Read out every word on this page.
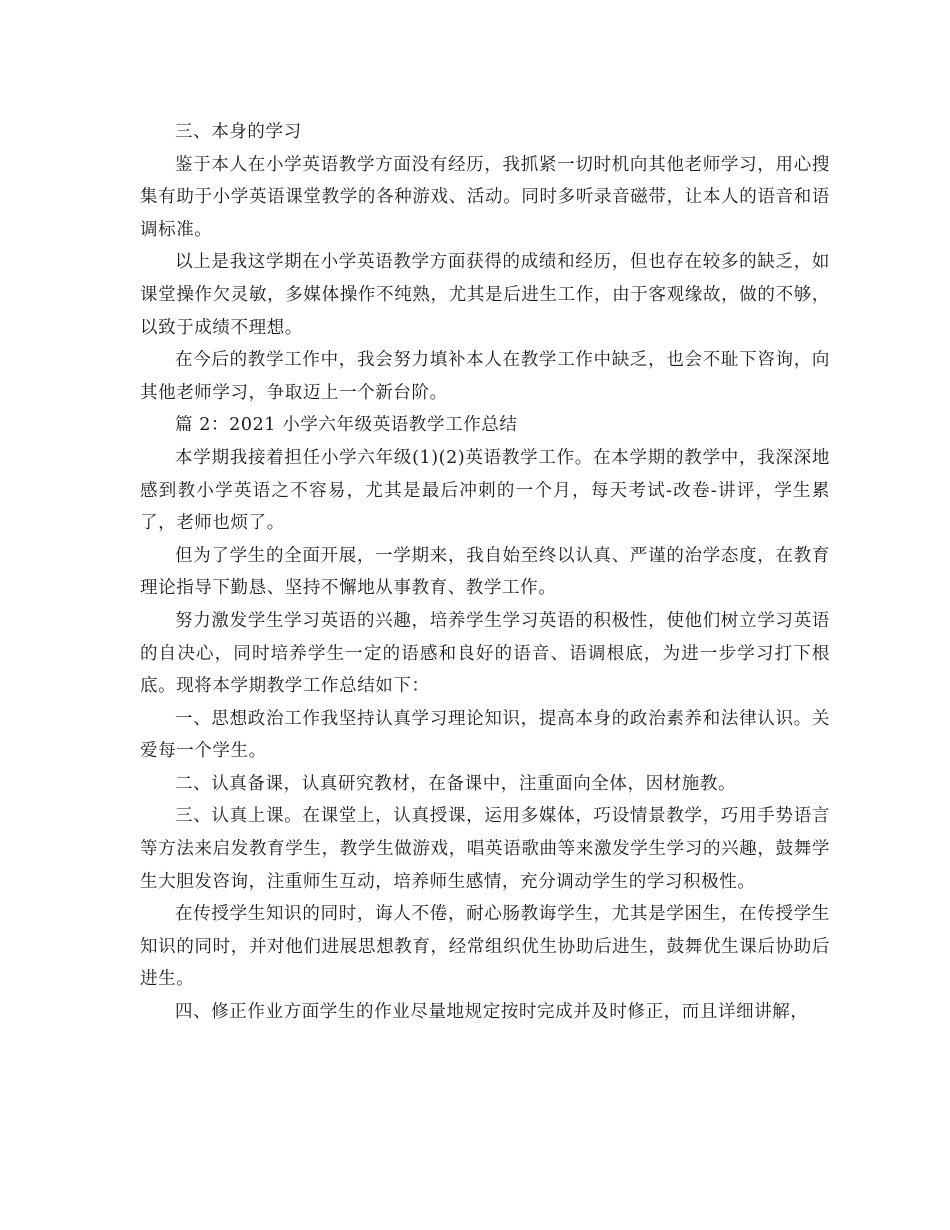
三、本身的学习

鉴于本人在小学英语教学方面没有经历，我抓紧一切时机向其他老师学习，用心搜集有助于小学英语课堂教学的各种游戏、活动。同时多听录音磁带，让本人的语音和语调标准。

以上是我这学期在小学英语教学方面获得的成绩和经历，但也存在较多的缺乏，如课堂操作欠灵敏，多媒体操作不纯熟，尤其是后进生工作，由于客观缘故，做的不够，以致于成绩不理想。

在今后的教学工作中，我会努力填补本人在教学工作中缺乏，也会不耻下咨询，向其他老师学习，争取迈上一个新台阶。

篇 2：2021 小学六年级英语教学工作总结

本学期我接着担任小学六年级(1)(2)英语教学工作。在本学期的教学中，我深深地感到教小学英语之不容易，尤其是最后冲刺的一个月，每天考试-改卷-讲评，学生累了，老师也烦了。

但为了学生的全面开展，一学期来，我自始至终以认真、严谨的治学态度，在教育理论指导下勤恳、坚持不懈地从事教育、教学工作。

努力激发学生学习英语的兴趣，培养学生学习英语的积极性，使他们树立学习英语的自决心，同时培养学生一定的语感和良好的语音、语调根底，为进一步学习打下根底。现将本学期教学工作总结如下：

一、思想政治工作我坚持认真学习理论知识，提高本身的政治素养和法律认识。关爱每一个学生。

二、认真备课，认真研究教材，在备课中，注重面向全体，因材施教。

三、认真上课。在课堂上，认真授课，运用多媒体，巧设情景教学，巧用手势语言等方法来启发教育学生，教学生做游戏，唱英语歌曲等来激发学生学习的兴趣，鼓舞学生大胆发咨询，注重师生互动，培养师生感情，充分调动学生的学习积极性。

在传授学生知识的同时，诲人不倦，耐心肠教诲学生，尤其是学困生，在传授学生知识的同时，并对他们进展思想教育，经常组织优生协助后进生，鼓舞优生课后协助后进生。

四、修正作业方面学生的作业尽量地规定按时完成并及时修正，而且详细讲解，
